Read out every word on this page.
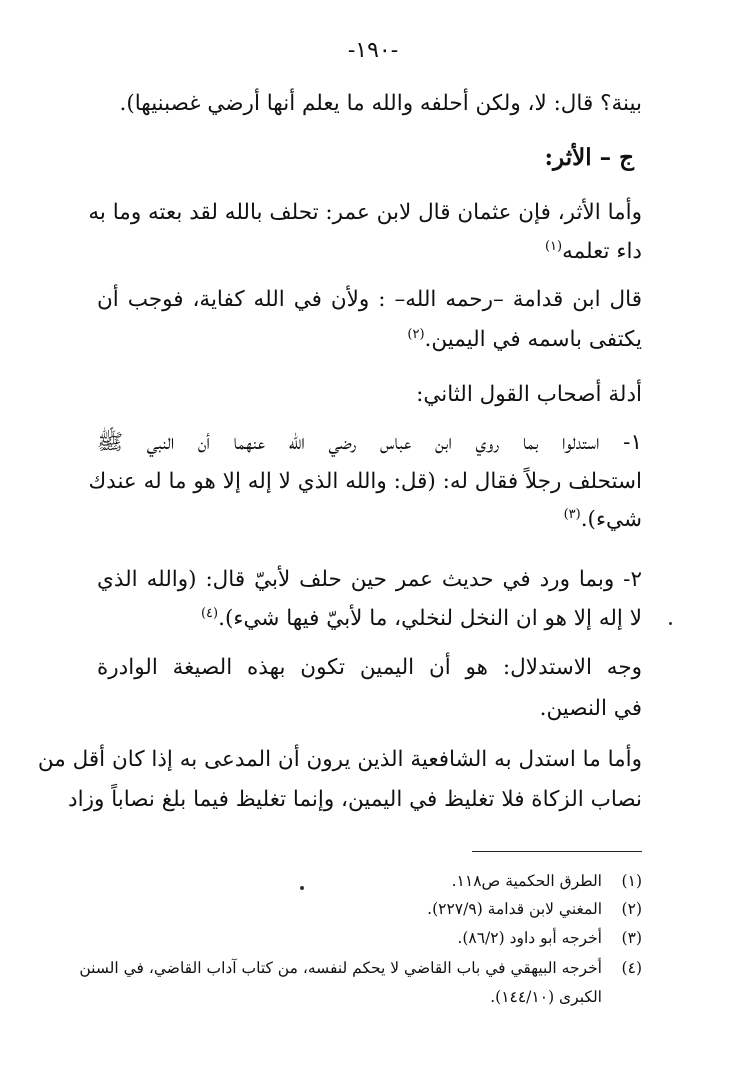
-١٩٠-
بينة؟ قال: لا، ولكن أحلفه والله ما يعلم أنها أرضي غصبنيها).
ج – الأثر:
وأما الأثر، فإن عثمان قال لابن عمر: تحلف بالله لقد بعته وما به
داء تعلمه$^{(١)}$
قال ابن قدامة –رحمه الله– : ولأن في الله كفاية، فوجب أن
يكتفى باسمه في اليمين.$^{(٢)}$
أدلة أصحاب القول الثاني:
١- استدلوا بما روي ابن عباس رضي الله عنهما أن النبي ﷺ
استحلف رجلاً فقال له: (قل: والله الذي لا إله إلا هو ما له عندك
شيء).$^{(٣)}$
٢- وبما ورد في حديث عمر حين حلف لأبيّ قال: (والله الذي
لا إله إلا هو ان النخل لنخلي، ما لأبيّ فيها شيء).$^{(٤)}$
وجه الاستدلال: هو أن اليمين تكون بهذه الصيغة الوادرة
في النصين.
وأما ما استدل به الشافعية الذين يرون أن المدعى به إذا كان أقل من
نصاب الزكاة فلا تغليظ في اليمين، وإنما تغليظ فيما بلغ نصاباً وزاد
(١)الطرق الحكمية ص١١٨.
(٢)المغني لابن قدامة (٢٢٧/٩).
(٣)أخرجه أبو داود (٨٦/٢).
(٤)أخرجه البيهقي في باب القاضي لا يحكم لنفسه، من كتاب آداب القاضي، في السنن
الكبرى (١٤٤/١٠).
